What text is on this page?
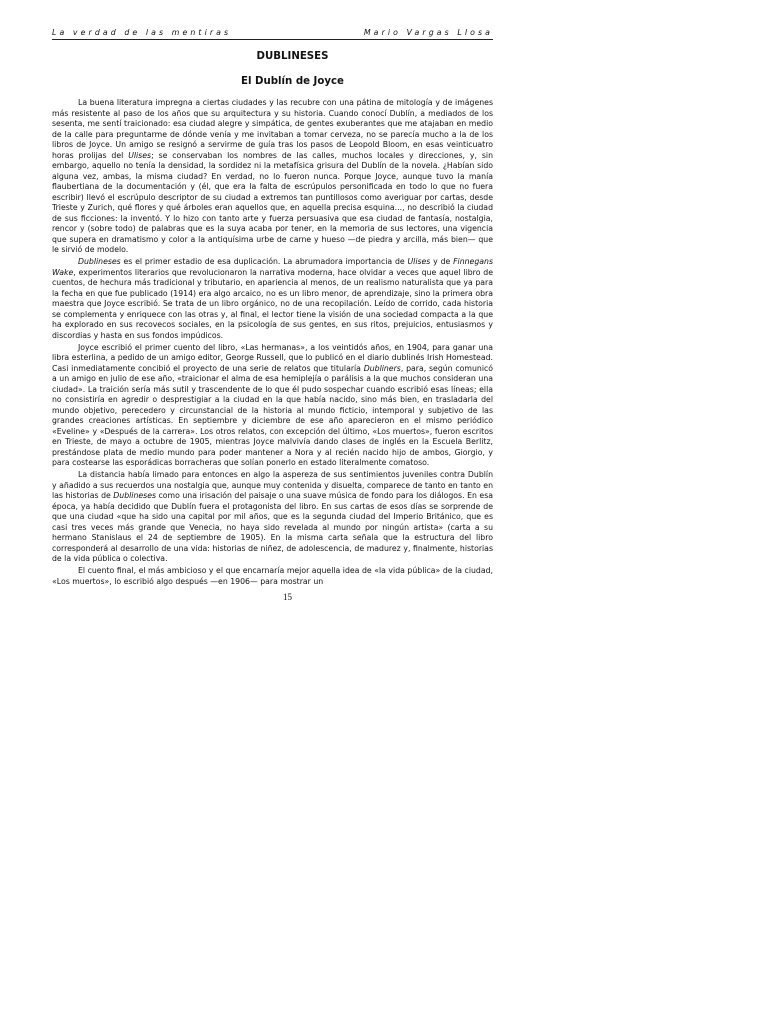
La verdad de las mentiras	Mario Vargas Llosa
DUBLINESES
El Dublín de Joyce

La buena literatura impregna a ciertas ciudades y las recubre con una pátina de mitología y de imágenes más resistente al paso de los años que su arquitectura y su historia. Cuando conocí Dublín, a mediados de los sesenta, me sentí traicionado: esa ciudad alegre y simpática, de gentes exuberantes que me atajaban en medio de la calle para preguntarme de dónde venía y me invitaban a tomar cerveza, no se parecía mucho a la de los libros de Joyce. Un amigo se resignó a servirme de guía tras los pasos de Leopold Bloom, en esas veinticuatro horas prolijas del Ulises; se conservaban los nombres de las calles, muchos locales y direcciones, y, sin embargo, aquello no tenía la densidad, la sordidez ni la metafísica grisura del Dublín de la novela. ¿Habían sido alguna vez, ambas, la misma ciudad? En verdad, no lo fueron nunca. Porque Joyce, aunque tuvo la manía flaubertiana de la documentación y (él, que era la falta de escrúpulos personificada en todo lo que no fuera escribir) llevó el escrúpulo descriptor de su ciudad a extremos tan puntillosos como averiguar por cartas, desde Trieste y Zurich, qué flores y qué árboles eran aquellos que, en aquella precisa esquina..., no describió la ciudad de sus ficciones: la inventó. Y lo hizo con tanto arte y fuerza persuasiva que esa ciudad de fantasía, nostalgia, rencor y (sobre todo) de palabras que es la suya acaba por tener, en la memoria de sus lectores, una vigencia que supera en dramatismo y color a la antiquísima urbe de carne y hueso —de piedra y arcilla, más bien— que le sirvió de modelo.

Dublineses es el primer estadio de esa duplicación. La abrumadora importancia de Ulises y de Finnegans Wake, experimentos literarios que revolucionaron la narrativa moderna, hace olvidar a veces que aquel libro de cuentos, de hechura más tradicional y tributario, en apariencia al menos, de un realismo naturalista que ya para la fecha en que fue publicado (1914) era algo arcaico, no es un libro menor, de aprendizaje, sino la primera obra maestra que Joyce escribió. Se trata de un libro orgánico, no de una recopilación. Leído de corrido, cada historia se complementa y enriquece con las otras y, al final, el lector tiene la visión de una sociedad compacta a la que ha explorado en sus recovecos sociales, en la psicología de sus gentes, en sus ritos, prejuicios, entusiasmos y discordias y hasta en sus fondos impúdicos.

Joyce escribió el primer cuento del libro, «Las hermanas», a los veintidós años, en 1904, para ganar una libra esterlina, a pedido de un amigo editor, George Russell, que lo publicó en el diario dublinés Irish Homestead. Casi inmediatamente concibió el proyecto de una serie de relatos que titularía Dubliners, para, según comunicó a un amigo en julio de ese año, «traicionar el alma de esa hemiplejía o parálisis a la que muchos consideran una ciudad». La traición sería más sutil y trascendente de lo que él pudo sospechar cuando escribió esas líneas; ella no consistiría en agredir o desprestigiar a la ciudad en la que había nacido, sino más bien, en trasladarla del mundo objetivo, perecedero y circunstancial de la historia al mundo ficticio, intemporal y subjetivo de las grandes creaciones artísticas. En septiembre y diciembre de ese año aparecieron en el mismo periódico «Eveline» y «Después de la carrera». Los otros relatos, con excepción del último, «Los muertos», fueron escritos en Trieste, de mayo a octubre de 1905, mientras Joyce malvivía dando clases de inglés en la Escuela Berlitz, prestándose plata de medio mundo para poder mantener a Nora y al recién nacido hijo de ambos, Giorgio, y para costearse las esporádicas borracheras que solían ponerlo en estado literalmente comatoso.

La distancia había limado para entonces en algo la aspereza de sus sentimientos juveniles contra Dublín y añadido a sus recuerdos una nostalgia que, aunque muy contenida y disuelta, comparece de tanto en tanto en las historias de Dublineses como una irisación del paisaje o una suave música de fondo para los diálogos. En esa época, ya había decidido que Dublín fuera el protagonista del libro. En sus cartas de esos días se sorprende de que una ciudad «que ha sido una capital por mil años, que es la segunda ciudad del Imperio Británico, que es casi tres veces más grande que Venecia, no haya sido revelada al mundo por ningún artista» (carta a su hermano Stanislaus el 24 de septiembre de 1905). En la misma carta señala que la estructura del libro corresponderá al desarrollo de una vida: historias de niñez, de adolescencia, de madurez y, finalmente, historias de la vida pública o colectiva.

El cuento final, el más ambicioso y el que encarnaría mejor aquella idea de «la vida pública» de la ciudad, «Los muertos», lo escribió algo después —en 1906— para mostrar un

15
